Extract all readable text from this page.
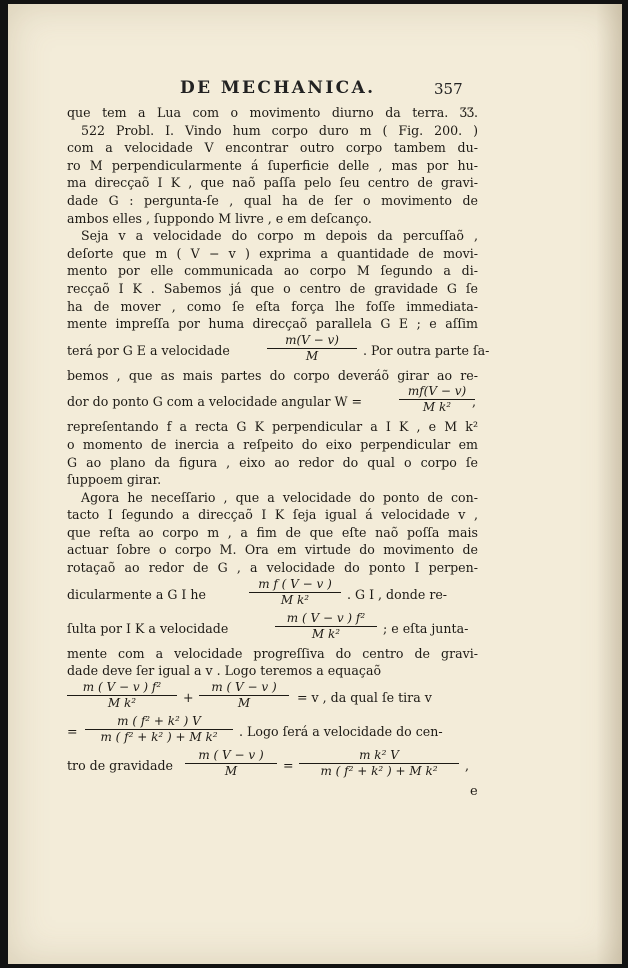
DE MECHANICA.	357
que tem a Lua com o movimento diurno da terra. ƷƷ.
522 Probl. I. Vindo hum corpo duro m ( Fig. 200. )
com a velocidade V encontrar outro corpo tambem du-
ro M perpendicularmente á ſuperficie delle , mas por hu-
ma direcçaõ I K , que naõ paſſa pelo ſeu centro de gravi-
dade G : pergunta-ſe , qual ha de ſer o movimento de
ambos elles , ſuppondo M livre , e em deſcanço.
Seja v a velocidade do corpo m depois da percuſſaõ ,
deſorte que m ( V − v ) exprima a quantidade de movi-
mento por elle communicada ao corpo M ſegundo a di-
recçaõ I K . Sabemos já que o centro de gravidade G ſe
ha de mover , como ſe eſta força lhe foſſe immediata-
mente impreſſa por huma direcçaõ parallela G E ; e aſſim
terá por G E a velocidade	$\frac{m(V - v)}{M}$ . Por outra parte ſa-
bemos , que as mais partes do corpo deveráõ girar ao re-
dor do ponto G com a velocidade angular W =	$\frac{mf(V - v)}{\text{M k²}}$
,
repreſentando f a recta G K perpendicular a I K , e M k²
o momento de inercia a reſpeito do eixo perpendicular em
G ao plano da figura , eixo ao redor do qual o corpo ſe
ſuppoem girar.
Agora he neceſſario , que a velocidade do ponto de con-
tacto I ſegundo a direcçaõ I K ſeja igual á velocidade v ,
que reſta ao corpo m , a fim de que eſte naõ poſſa mais
actuar ſobre o corpo M. Ora em virtude do movimento de
rotaçaõ ao redor de G , a velocidade do ponto I perpen-
dicularmente a G I he	$\frac{\text{m f ( V − v )}}{\text{M k²}}$ . G I , donde re-
ſulta por I K a velocidade	$\frac{\text{m ( V − v ) f²}}{\text{M k²}}$ ; e eſta junta-
mente com a velocidade progreſſiva do centro de gravi-
dade deve ſer igual a v . Logo teremos a equaçaõ
$\frac{\text{m ( V − v ) f²}}{\text{M k²}} + \frac{m ( V - v )}{M} = v$ , da qual ſe tira v
= $\frac{\text{m ( f² + k² ) V}}{\text{m ( f² + k² ) + M k²}}$ . Logo ſerá a velocidade do cen-
tro de gravidade $\frac{m ( V - v )}{M} = \frac{\text{m k² V}}{\text{m ( f² + k² ) + M k²}}$ ,
e
